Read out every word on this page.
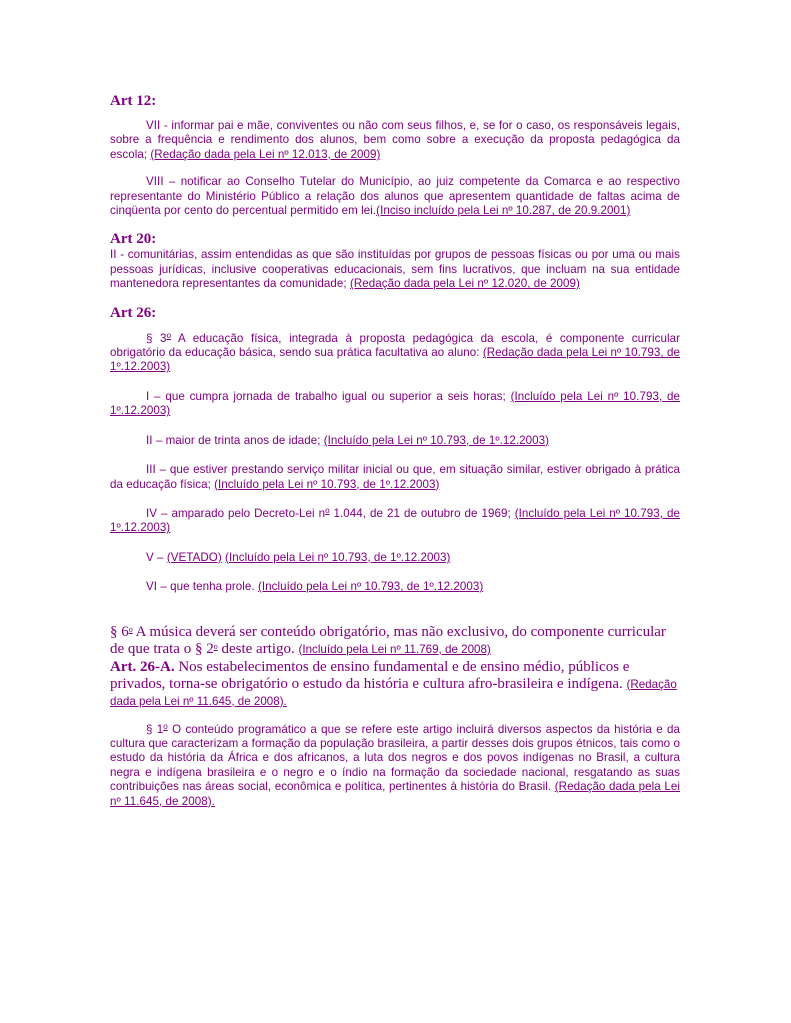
Art 12:
VII - informar pai e mãe, conviventes ou não com seus filhos, e, se for o caso, os responsáveis legais, sobre a frequência e rendimento dos alunos, bem como sobre a execução da proposta pedagógica da escola; (Redação dada pela Lei nº 12.013, de 2009)
VIII – notificar ao Conselho Tutelar do Município, ao juiz competente da Comarca e ao respectivo representante do Ministério Público a relação dos alunos que apresentem quantidade de faltas acima de cinqüenta por cento do percentual permitido em lei.(Inciso incluído pela Lei nº 10.287, de 20.9.2001)
Art 20:
II - comunitárias, assim entendidas as que são instituídas por grupos de pessoas físicas ou por uma ou mais pessoas jurídicas, inclusive cooperativas educacionais, sem fins lucrativos, que incluam na sua entidade mantenedora representantes da comunidade; (Redação dada pela Lei nº 12.020, de 2009)
Art 26:
§ 3$^o$ A educação física, integrada à proposta pedagógica da escola, é componente curricular obrigatório da educação básica, sendo sua prática facultativa ao aluno: (Redação dada pela Lei nº 10.793, de 1º.12.2003)
I – que cumpra jornada de trabalho igual ou superior a seis horas; (Incluído pela Lei nº 10.793, de 1º.12.2003)
II – maior de trinta anos de idade; (Incluído pela Lei nº 10.793, de 1º.12.2003)
III – que estiver prestando serviço militar inicial ou que, em situação similar, estiver obrigado à prática da educação física; (Incluído pela Lei nº 10.793, de 1º.12.2003)
IV – amparado pelo Decreto-Lei $n^o$ 1.044, de 21 de outubro de 1969; (Incluído pela Lei nº 10.793, de 1º.12.2003)
V – (VETADO) (Incluído pela Lei nº 10.793, de 1º.12.2003)
VI – que tenha prole. (Incluído pela Lei nº 10.793, de 1º.12.2003)
§ 6$^o$ A música deverá ser conteúdo obrigatório, mas não exclusivo, do componente curricular de que trata o § 2$^o$ deste artigo. (Incluído pela Lei nº 11.769, de 2008)
Art. 26-A. Nos estabelecimentos de ensino fundamental e de ensino médio, públicos e privados, torna-se obrigatório o estudo da história e cultura afro-brasileira e indígena. (Redação dada pela Lei nº 11.645, de 2008).
§ 1$^o$ O conteúdo programático a que se refere este artigo incluirá diversos aspectos da história e da cultura que caracterizam a formação da população brasileira, a partir desses dois grupos étnicos, tais como o estudo da história da África e dos africanos, a luta dos negros e dos povos indígenas no Brasil, a cultura negra e indígena brasileira e o negro e o índio na formação da sociedade nacional, resgatando as suas contribuições nas áreas social, econômica e política, pertinentes à história do Brasil. (Redação dada pela Lei nº 11.645, de 2008).
